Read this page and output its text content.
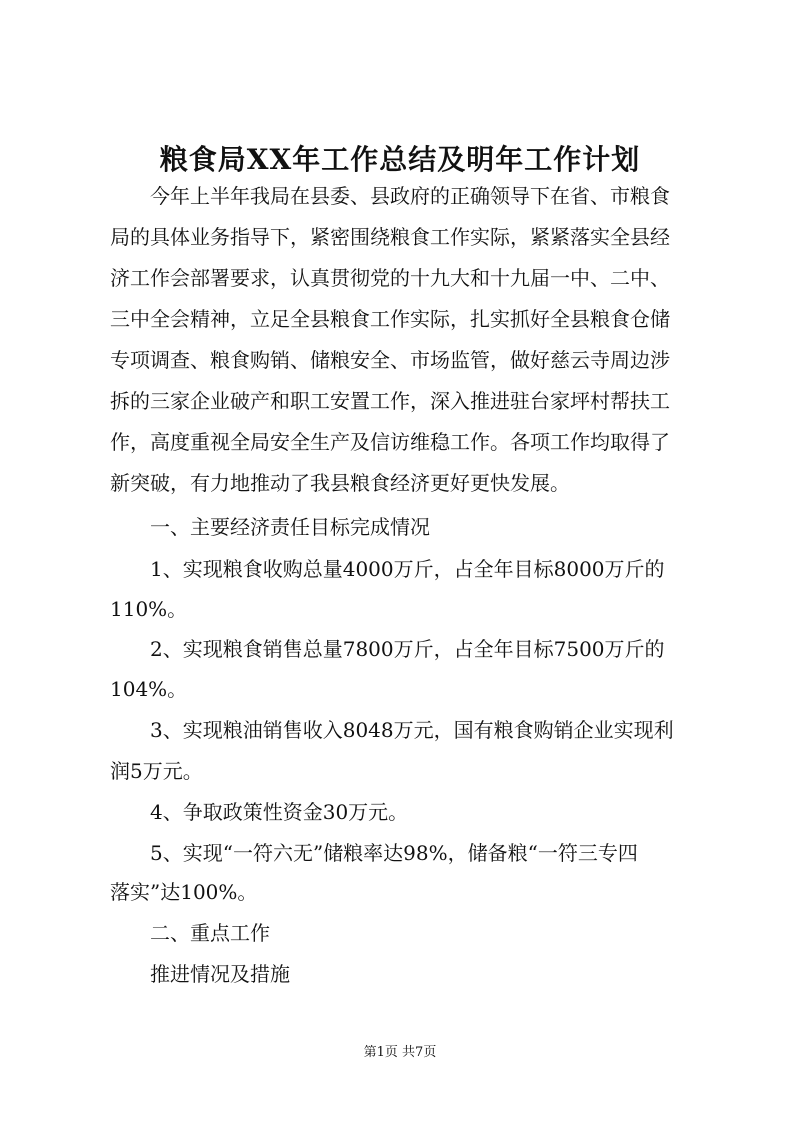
粮食局XX年工作总结及明年工作计划

　　今年上半年我局在县委、县政府的正确领导下在省、市粮食

局的具体业务指导下，紧密围绕粮食工作实际，紧紧落实全县经

济工作会部署要求，认真贯彻党的十九大和十九届一中、二中、

三中全会精神，立足全县粮食工作实际，扎实抓好全县粮食仓储

专项调查、粮食购销、储粮安全、市场监管，做好慈云寺周边涉

拆的三家企业破产和职工安置工作，深入推进驻台家坪村帮扶工

作，高度重视全局安全生产及信访维稳工作。各项工作均取得了

新突破，有力地推动了我县粮食经济更好更快发展。

　　一、主要经济责任目标完成情况

　　1、实现粮食收购总量4000万斤，占全年目标8000万斤的

110%。

　　2、实现粮食销售总量7800万斤，占全年目标7500万斤的

104%。

　　3、实现粮油销售收入8048万元，国有粮食购销企业实现利

润5万元。

　　4、争取政策性资金30万元。

　　5、实现“一符六无”储粮率达98%，储备粮“一符三专四

落实”达100%。

　　二、重点工作

　　推进情况及措施

第1页 共7页
